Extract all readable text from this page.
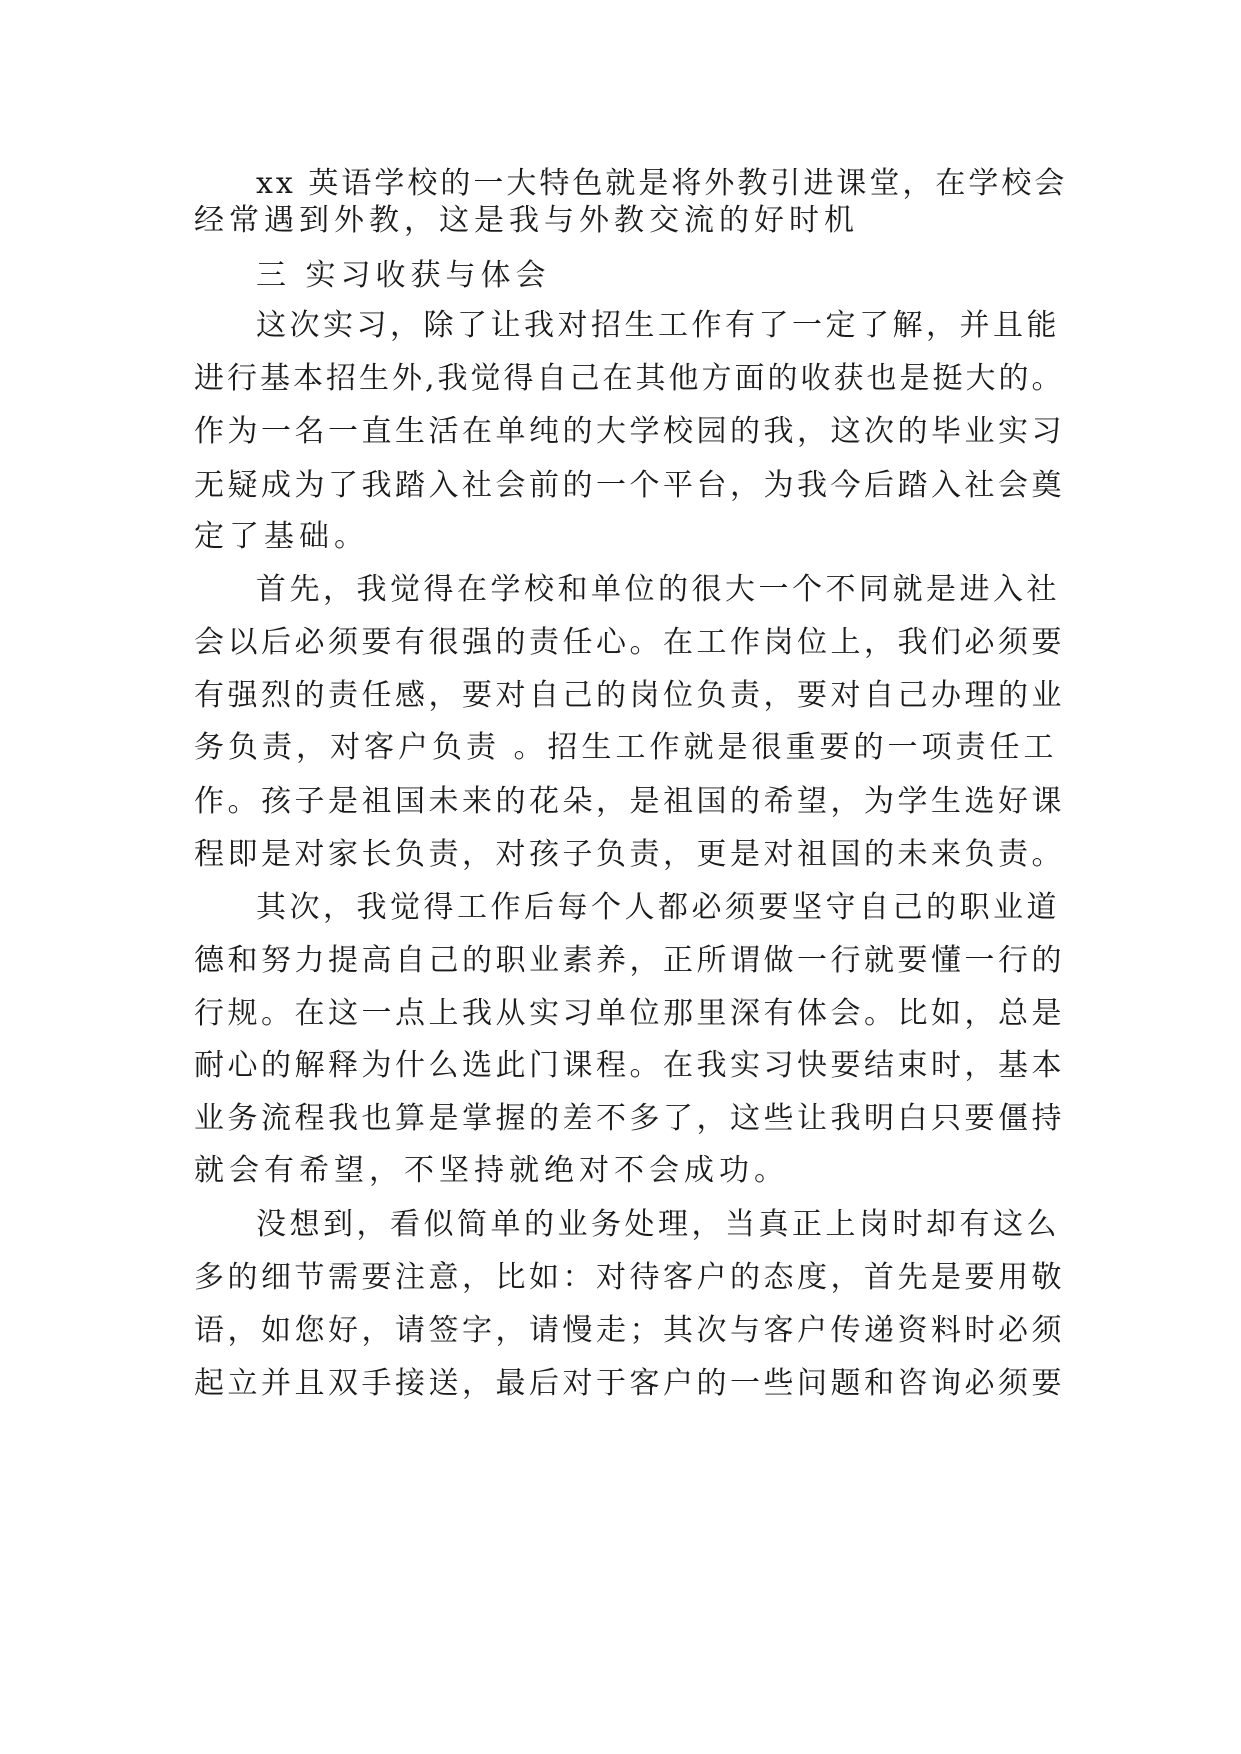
xx 英语学校的一大特色就是将外教引进课堂，在学校会
经常遇到外教，这是我与外教交流的好时机
三 实习收获与体会
这次实习，除了让我对招生工作有了一定了解，并且能
进行基本招生外,我觉得自己在其他方面的收获也是挺大的。
作为一名一直生活在单纯的大学校园的我，这次的毕业实习
无疑成为了我踏入社会前的一个平台，为我今后踏入社会奠
定了基础。
首先，我觉得在学校和单位的很大一个不同就是进入社
会以后必须要有很强的责任心。在工作岗位上，我们必须要
有强烈的责任感，要对自己的岗位负责，要对自己办理的业
务负责，对客户负责 。招生工作就是很重要的一项责任工
作。孩子是祖国未来的花朵，是祖国的希望，为学生选好课
程即是对家长负责，对孩子负责，更是对祖国的未来负责。
其次，我觉得工作后每个人都必须要坚守自己的职业道
德和努力提高自己的职业素养，正所谓做一行就要懂一行的
行规。在这一点上我从实习单位那里深有体会。比如，总是
耐心的解释为什么选此门课程。在我实习快要结束时，基本
业务流程我也算是掌握的差不多了，这些让我明白只要僵持
就会有希望，不坚持就绝对不会成功。
没想到，看似简单的业务处理，当真正上岗时却有这么
多的细节需要注意，比如：对待客户的态度，首先是要用敬
语，如您好，请签字，请慢走；其次与客户传递资料时必须
起立并且双手接送，最后对于客户的一些问题和咨询必须要
